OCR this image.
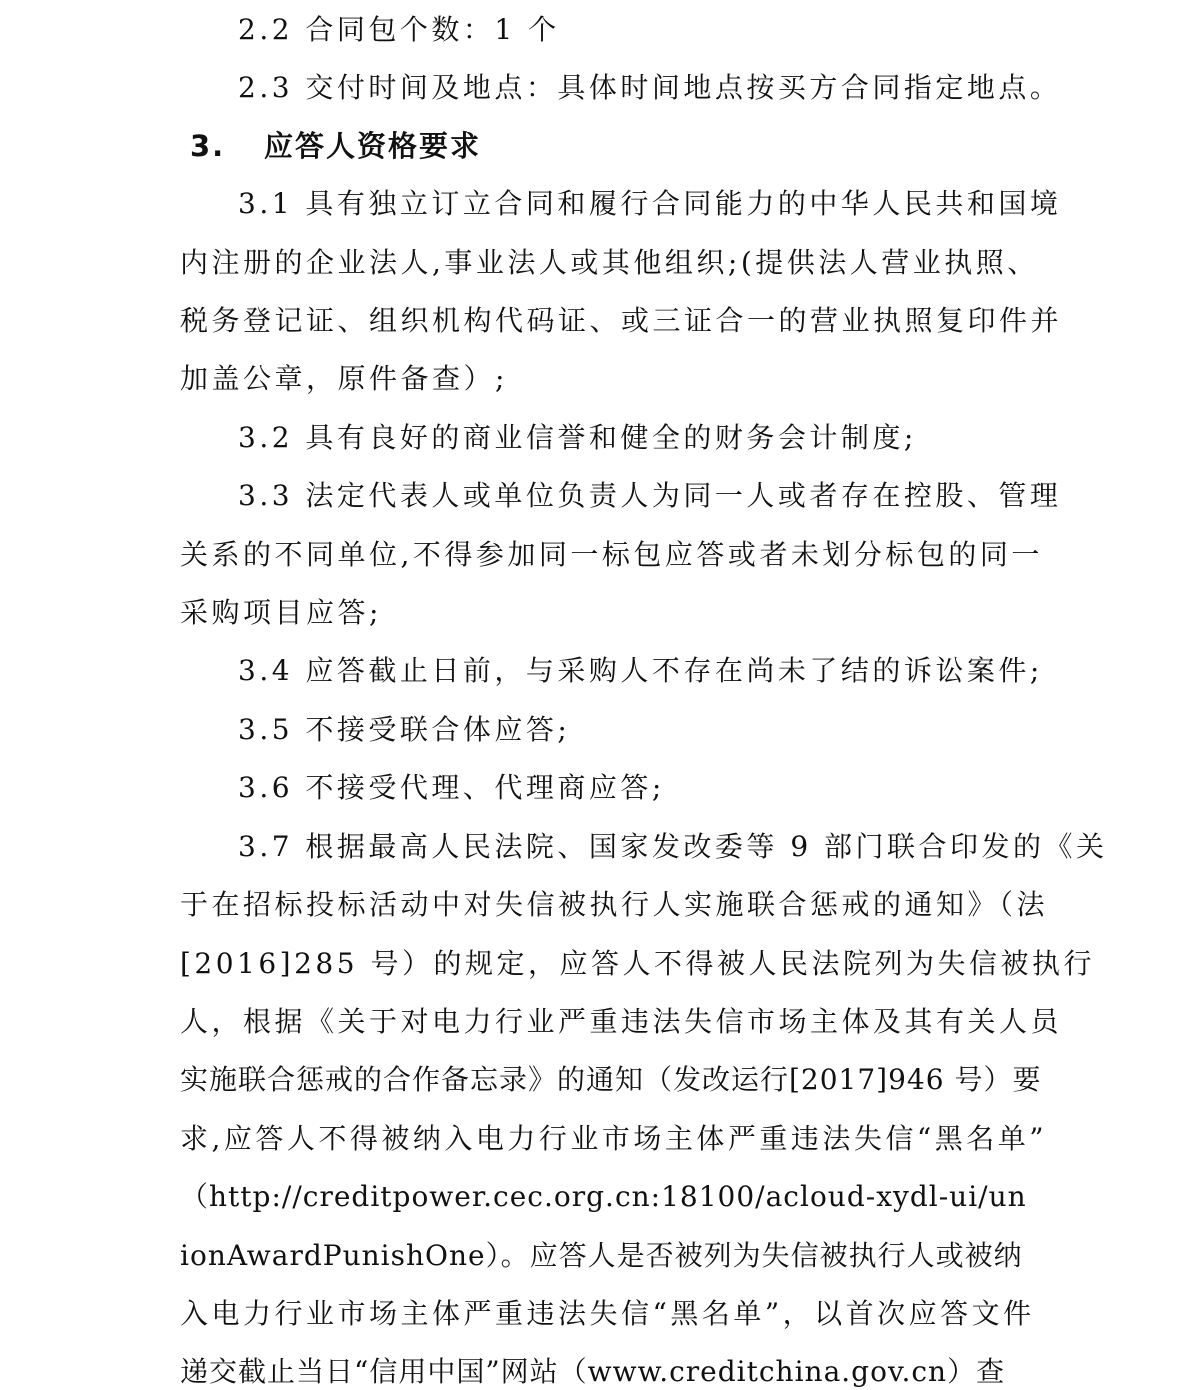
2.2 合同包个数：1 个
2.3 交付时间及地点：具体时间地点按买方合同指定地点。
3. 应答人资格要求
3.1 具有独立订立合同和履行合同能力的中华人民共和国境
内注册的企业法人,事业法人或其他组织;(提供法人营业执照、
税务登记证、组织机构代码证、或三证合一的营业执照复印件并
加盖公章，原件备查）;
3.2 具有良好的商业信誉和健全的财务会计制度;
3.3 法定代表人或单位负责人为同一人或者存在控股、管理
关系的不同单位,不得参加同一标包应答或者未划分标包的同一
采购项目应答;
3.4 应答截止日前，与采购人不存在尚未了结的诉讼案件;
3.5 不接受联合体应答;
3.6 不接受代理、代理商应答;
3.7 根据最高人民法院、国家发改委等 9 部门联合印发的《关
于在招标投标活动中对失信被执行人实施联合惩戒的通知》（法
[2016]285 号）的规定，应答人不得被人民法院列为失信被执行
人，根据《关于对电力行业严重违法失信市场主体及其有关人员
实施联合惩戒的合作备忘录》的通知（发改运行[2017]946 号）要
求,应答人不得被纳入电力行业市场主体严重违法失信“黑名单”
（http://creditpower.cec.org.cn:18100/acloud-xydl-ui/un
ionAwardPunishOne）。应答人是否被列为失信被执行人或被纳
入电力行业市场主体严重违法失信“黑名单”，以首次应答文件
递交截止当日“信用中国”网站（www.creditchina.gov.cn）查
